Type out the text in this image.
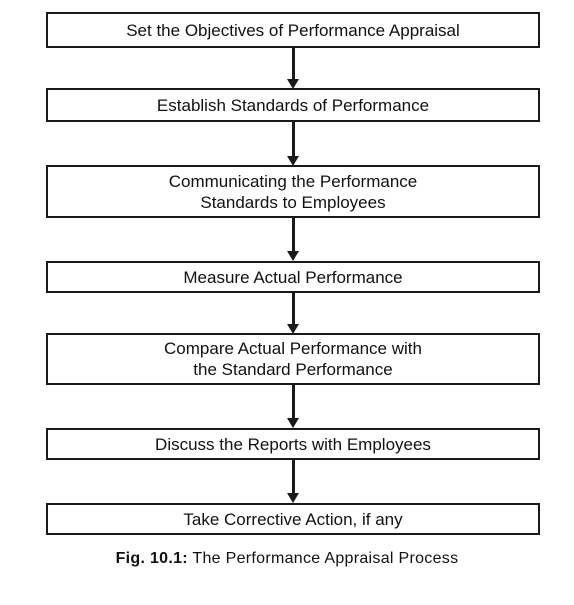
Set the Objectives of Performance Appraisal
Establish Standards of Performance
Communicating the Performance
Standards to Employees
Measure Actual Performance
Compare Actual Performance with
the Standard Performance
Discuss the Reports with Employees
Take Corrective Action, if any
Fig. 10.1: The Performance Appraisal Process
